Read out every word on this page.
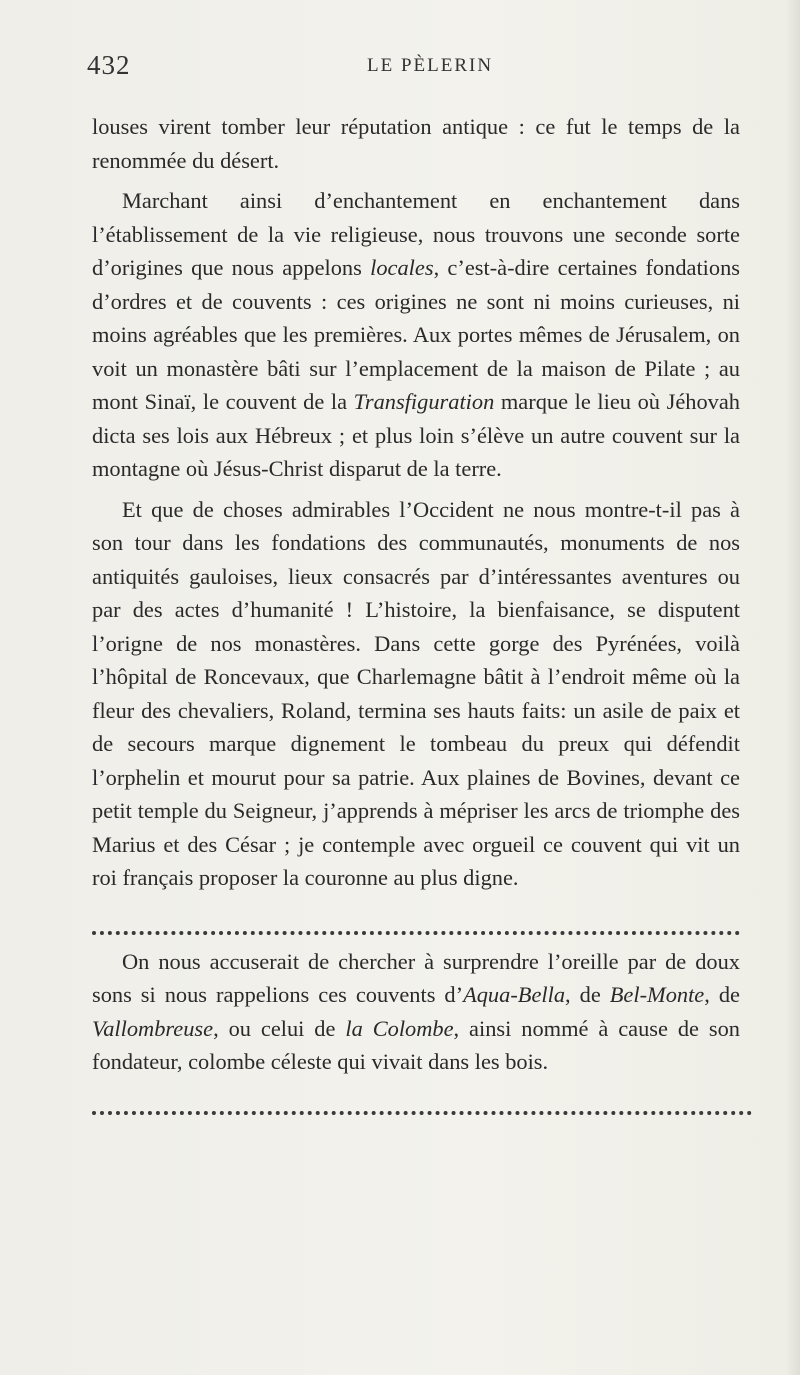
432	LE PÈLERIN

louses virent tomber leur réputation antique : ce fut le temps de la renommée du désert.

Marchant ainsi d’enchantement en enchantement dans l’établissement de la vie religieuse, nous trouvons une seconde sorte d’origines que nous appelons locales, c’est-à-dire certaines fondations d’ordres et de couvents : ces origines ne sont ni moins curieuses, ni moins agréables que les premières. Aux portes mêmes de Jérusalem, on voit un monastère bâti sur l’emplacement de la maison de Pilate ; au mont Sinaï, le couvent de la Transfiguration marque le lieu où Jéhovah dicta ses lois aux Hébreux ; et plus loin s’élève un autre couvent sur la montagne où Jésus-Christ disparut de la terre.

Et que de choses admirables l’Occident ne nous montre-t-il pas à son tour dans les fondations des communautés, monuments de nos antiquités gauloises, lieux consacrés par d’intéressantes aventures ou par des actes d’humanité ! L’histoire, la bienfaisance, se disputent l’origne de nos monastères. Dans cette gorge des Pyrénées, voilà l’hôpital de Roncevaux, que Charlemagne bâtit à l’endroit même où la fleur des chevaliers, Roland, termina ses hauts faits: un asile de paix et de secours marque dignement le tombeau du preux qui défendit l’orphelin et mourut pour sa patrie. Aux plaines de Bovines, devant ce petit temple du Seigneur, j’apprends à mépriser les arcs de triomphe des Marius et des César ; je contemple avec orgueil ce couvent qui vit un roi français proposer la couronne au plus digne.

On nous accuserait de chercher à surprendre l’oreille par de doux sons si nous rappelions ces couvents d’Aqua-Bella, de Bel-Monte, de Vallombreuse, ou celui de la Colombe, ainsi nommé à cause de son fondateur, colombe céleste qui vivait dans les bois.
